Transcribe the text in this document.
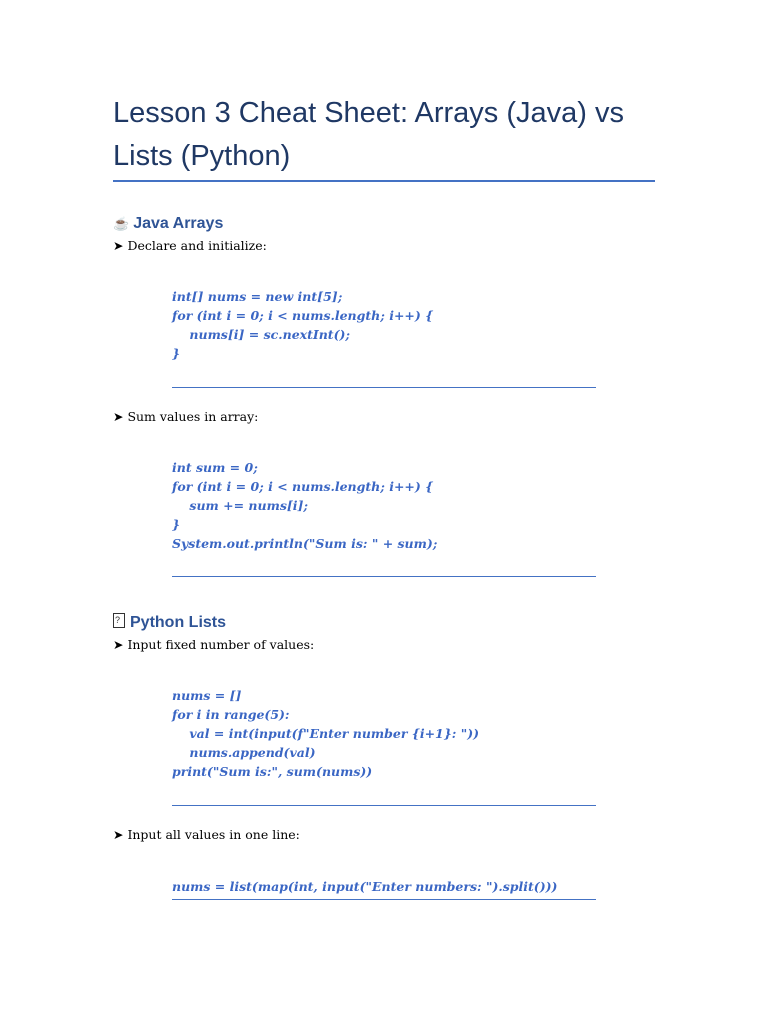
Lesson 3 Cheat Sheet: Arrays (Java) vs Lists (Python)
☕ Java Arrays

➤ Declare and initialize:

int[] nums = new int[5];
for (int i = 0; i < nums.length; i++) {
nums[i] = sc.nextInt();
}

➤ Sum values in array:

int sum = 0;
for (int i = 0; i < nums.length; i++) {
sum += nums[i];
}
System.out.println("Sum is: " + sum);
? Python Lists

➤ Input fixed number of values:

nums = []
for i in range(5):
val = int(input(f"Enter number {i+1}: "))
nums.append(val)
print("Sum is:", sum(nums))

➤ Input all values in one line:

nums = list(map(int, input("Enter numbers: ").split()))
